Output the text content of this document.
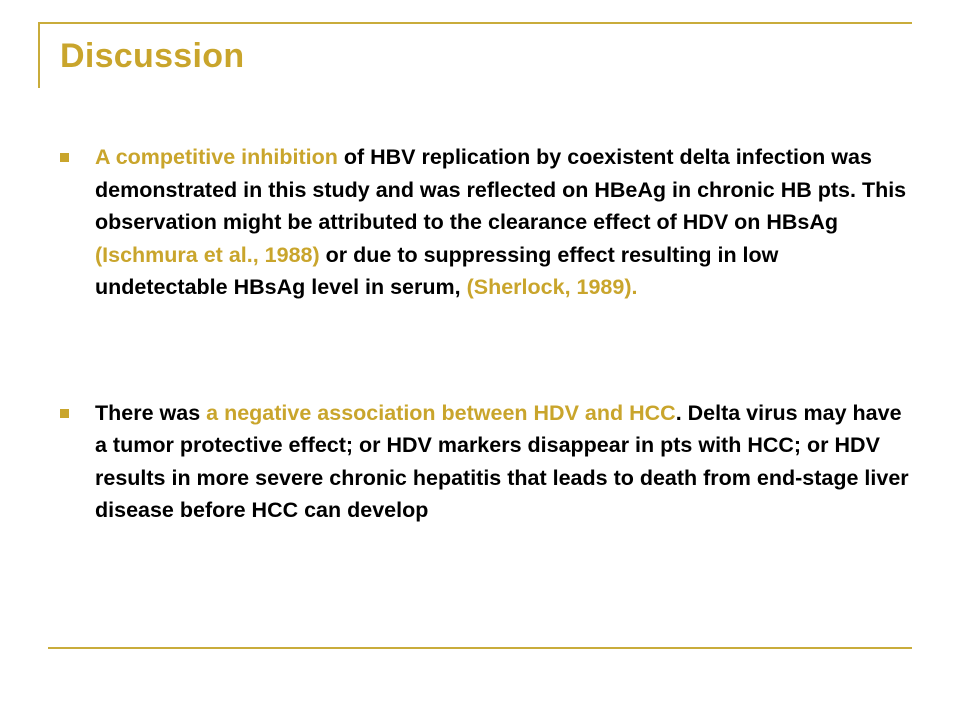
Discussion
A competitive inhibition of HBV replication by coexistent delta infection was demonstrated in this study and was reflected on HBeAg in chronic HB pts. This observation might be attributed to the clearance effect of HDV on HBsAg (Ischmura et al., 1988) or due to suppressing effect resulting in low undetectable HBsAg level in serum, (Sherlock, 1989).
There was a negative association between HDV and HCC. Delta virus may have a tumor protective effect; or HDV markers disappear in pts with HCC; or HDV results in more severe chronic hepatitis that leads to death from end-stage liver disease before HCC can develop
